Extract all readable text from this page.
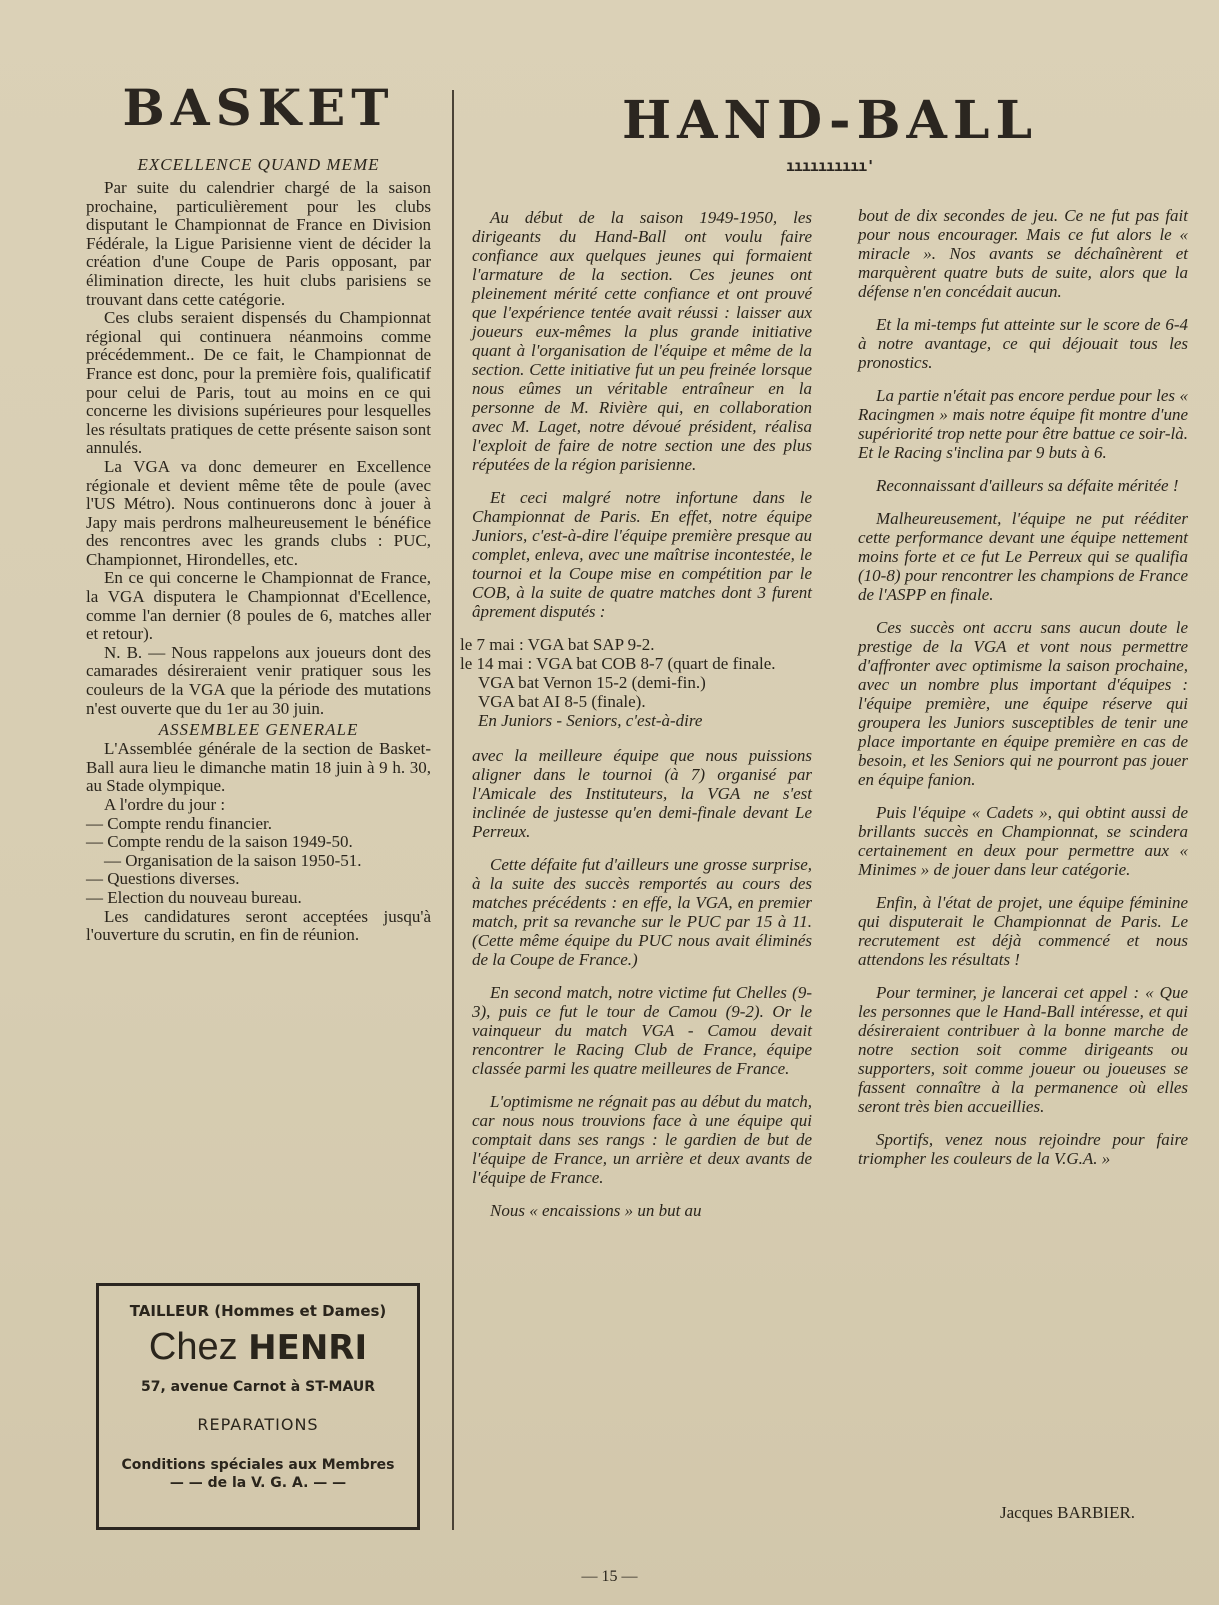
BASKET
EXCELLENCE QUAND MEME

Par suite du calendrier chargé de la saison prochaine, particulièrement pour les clubs disputant le Championnat de France en Division Fédérale, la Ligue Parisienne vient de décider la création d'une Coupe de Paris opposant, par élimination directe, les huit clubs parisiens se trouvant dans cette catégorie.

Ces clubs seraient dispensés du Championnat régional qui continuera néanmoins comme précédemment.. De ce fait, le Championnat de France est donc, pour la première fois, qualificatif pour celui de Paris, tout au moins en ce qui concerne les divisions supérieures pour lesquelles les résultats pratiques de cette présente saison sont annulés.

La VGA va donc demeurer en Excellence régionale et devient même tête de poule (avec l'US Métro). Nous continuerons donc à jouer à Japy mais perdrons malheureusement le bénéfice des rencontres avec les grands clubs : PUC, Championnet, Hirondelles, etc.

En ce qui concerne le Championnat de France, la VGA disputera le Championnat d'Ecellence, comme l'an dernier (8 poules de 6, matches aller et retour).

N. B. — Nous rappelons aux joueurs dont des camarades désireraient venir pratiquer sous les couleurs de la VGA que la période des mutations n'est ouverte que du 1er au 30 juin.

ASSEMBLEE GENERALE

L'Assemblée générale de la section de Basket-Ball aura lieu le dimanche matin 18 juin à 9 h. 30, au Stade olympique.

A l'ordre du jour :

— Compte rendu financier.

— Compte rendu de la saison 1949-50.

— Organisation de la saison 1950-51.

— Questions diverses.

— Election du nouveau bureau.

Les candidatures seront acceptées jusqu'à l'ouverture du scrutin, en fin de réunion.

TAILLEUR (Hommes et Dames)
Chez HENRI
57, avenue Carnot à ST-MAUR
REPARATIONS
Conditions spéciales aux Membres
— — de la V. G. A. — —
HAND-BALL
ıııııııııı'

Au début de la saison 1949-1950, les dirigeants du Hand-Ball ont voulu faire confiance aux quelques jeunes qui formaient l'armature de la section. Ces jeunes ont pleinement mérité cette confiance et ont prouvé que l'expérience tentée avait réussi : laisser aux joueurs eux-mêmes la plus grande initiative quant à l'organisation de l'équipe et même de la section. Cette initiative fut un peu freinée lorsque nous eûmes un véritable entraîneur en la personne de M. Rivière qui, en collaboration avec M. Laget, notre dévoué président, réalisa l'exploit de faire de notre section une des plus réputées de la région parisienne.

Et ceci malgré notre infortune dans le Championnat de Paris. En effet, notre équipe Juniors, c'est-à-dire l'équipe première presque au complet, enleva, avec une maîtrise incontestée, le tournoi et la Coupe mise en compétition par le COB, à la suite de quatre matches dont 3 furent âprement disputés :

le 7 mai : VGA bat SAP 9-2.

le 14 mai : VGA bat COB 8-7 (quart de finale.

VGA bat Vernon 15-2 (demi-fin.)

VGA bat AI 8-5 (finale).

En Juniors - Seniors, c'est-à-dire

avec la meilleure équipe que nous puissions aligner dans le tournoi (à 7) organisé par l'Amicale des Instituteurs, la VGA ne s'est inclinée de justesse qu'en demi-finale devant Le Perreux.

Cette défaite fut d'ailleurs une grosse surprise, à la suite des succès remportés au cours des matches précédents : en effe, la VGA, en premier match, prit sa revanche sur le PUC par 15 à 11. (Cette même équipe du PUC nous avait éliminés de la Coupe de France.)

En second match, notre victime fut Chelles (9-3), puis ce fut le tour de Camou (9-2). Or le vainqueur du match VGA - Camou devait rencontrer le Racing Club de France, équipe classée parmi les quatre meilleures de France.

L'optimisme ne régnait pas au début du match, car nous nous trouvions face à une équipe qui comptait dans ses rangs : le gardien de but de l'équipe de France, un arrière et deux avants de l'équipe de France.

Nous « encaissions » un but au

bout de dix secondes de jeu. Ce ne fut pas fait pour nous encourager. Mais ce fut alors le « miracle ». Nos avants se déchaînèrent et marquèrent quatre buts de suite, alors que la défense n'en concédait aucun.

Et la mi-temps fut atteinte sur le score de 6-4 à notre avantage, ce qui déjouait tous les pronostics.

La partie n'était pas encore perdue pour les « Racingmen » mais notre équipe fit montre d'une supériorité trop nette pour être battue ce soir-là. Et le Racing s'inclina par 9 buts à 6.

Reconnaissant d'ailleurs sa défaite méritée !

Malheureusement, l'équipe ne put rééditer cette performance devant une équipe nettement moins forte et ce fut Le Perreux qui se qualifia (10-8) pour rencontrer les champions de France de l'ASPP en finale.

Ces succès ont accru sans aucun doute le prestige de la VGA et vont nous permettre d'affronter avec optimisme la saison prochaine, avec un nombre plus important d'équipes : l'équipe première, une équipe réserve qui groupera les Juniors susceptibles de tenir une place importante en équipe première en cas de besoin, et les Seniors qui ne pourront pas jouer en équipe fanion.

Puis l'équipe « Cadets », qui obtint aussi de brillants succès en Championnat, se scindera certainement en deux pour permettre aux « Minimes » de jouer dans leur catégorie.

Enfin, à l'état de projet, une équipe féminine qui disputerait le Championnat de Paris. Le recrutement est déjà commencé et nous attendons les résultats !

Pour terminer, je lancerai cet appel : « Que les personnes que le Hand-Ball intéresse, et qui désireraient contribuer à la bonne marche de notre section soit comme dirigeants ou supporters, soit comme joueur ou joueuses se fassent connaître à la permanence où elles seront très bien accueillies.

Sportifs, venez nous rejoindre pour faire triompher les couleurs de la V.G.A. »

Jacques BARBIER.
— 15 —
